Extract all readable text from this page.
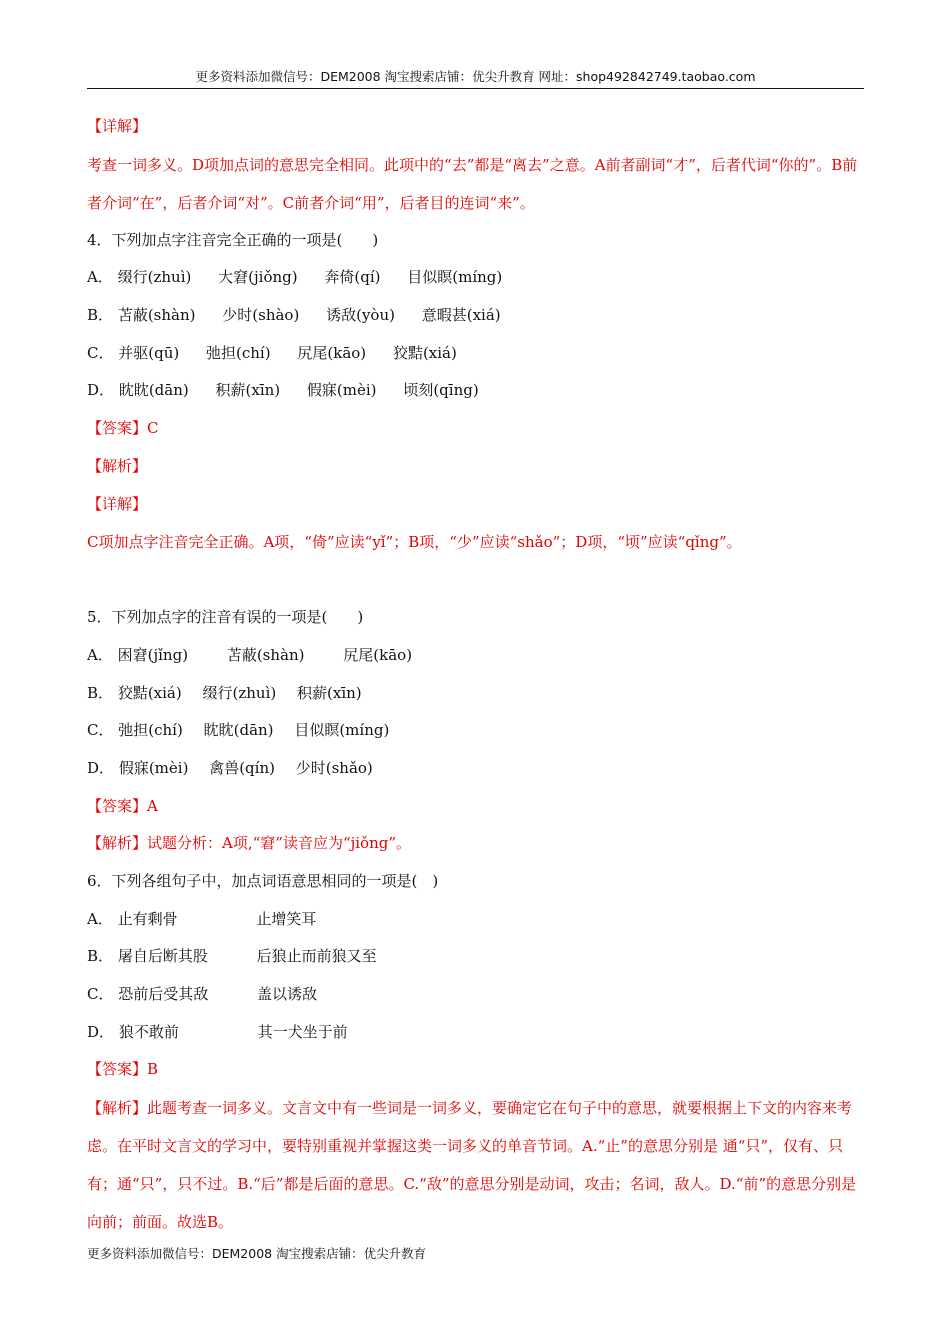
更多资料添加微信号：DEM2008 淘宝搜索店铺：优尖升教育 网址：shop492842749.taobao.com
【详解】
考查一词多义。D项加点词的意思完全相同。此项中的“去”都是“离去”之意。A前者副词“才”，后者代词“你的”。B前者介词“在”，后者介词“对”。C前者介词“用”，后者目的连词“来”。
4．下列加点字注音完全正确的一项是(　　)
A． 缀行(zhuì) 大窘(jiǒng) 奔倚(qí) 目似瞑(míng)
B． 苫蔽(shàn) 少时(shào) 诱敌(yòu) 意暇甚(xiá)
C． 并驱(qū) 弛担(chí) 尻尾(kāo) 狡黠(xiá)
D． 眈眈(dān) 积薪(xīn) 假寐(mèi) 顷刻(qīng)
【答案】C
【解析】
【详解】
C项加点字注音完全正确。A项，“倚”应读“yǐ”；B项，“少”应读“shǎo”；D项，“顷”应读“qǐng”。
5．下列加点字的注音有误的一项是(　　)
A． 困窘(jǐng)	苫蔽(shàn)	尻尾(kāo)
B． 狡黠(xiá) 缀行(zhuì) 积薪(xīn)
C． 弛担(chí) 眈眈(dān) 目似瞑(míng)
D． 假寐(mèi) 禽兽(qín) 少时(shǎo)
【答案】A
【解析】试题分析：A项,“窘”读音应为“jiǒng”。
6．下列各组句子中，加点词语意思相同的一项是(　)
A． 止有剩骨	止增笑耳
B． 屠自后断其股	后狼止而前狼又至
C． 恐前后受其敌	盖以诱敌
D． 狼不敢前	其一犬坐于前
【答案】B
【解析】此题考查一词多义。文言文中有一些词是一词多义，要确定它在句子中的意思，就要根据上下文的内容来考虑。在平时文言文的学习中，要特别重视并掌握这类一词多义的单音节词。A.“止”的意思分别是 通“只”，仅有、只有；通“只”，只不过。B.“后”都是后面的意思。C.“敌”的意思分别是动词，攻击；名词，敌人。D.“前”的意思分别是向前；前面。故选B。
更多资料添加微信号：DEM2008 淘宝搜索店铺：优尖升教育
